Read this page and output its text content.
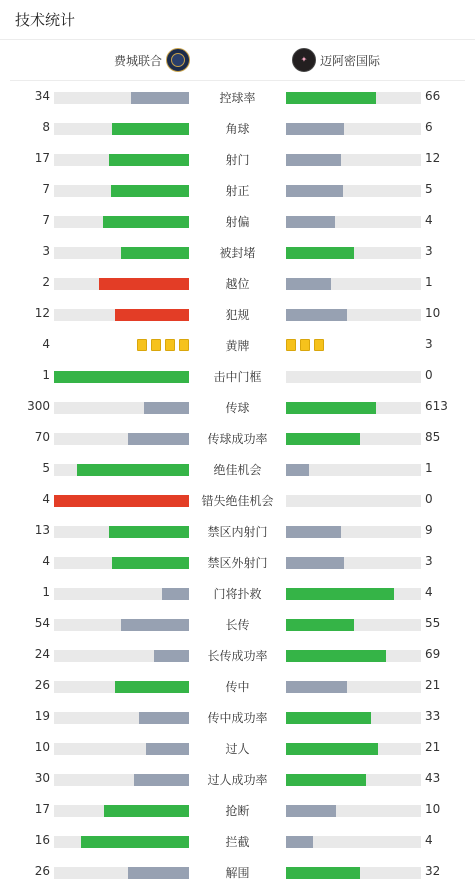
技术统计
费城联合	✦ 迈阿密国际
34	控球率	66
8	角球	6
17	射门	12
7	射正	5
7	射偏	4
3	被封堵	3
2	越位	1
12	犯规	10
4	黄牌	3
1	击中门框	0
300	传球	613
70	传球成功率	85
5	绝佳机会	1
4	错失绝佳机会	0
13	禁区内射门	9
4	禁区外射门	3
1	门将扑救	4
54	长传	55
24	长传成功率	69
26	传中	21
19	传中成功率	33
10	过人	21
30	过人成功率	43
17	抢断	10
16	拦截	4
26	解围	32
